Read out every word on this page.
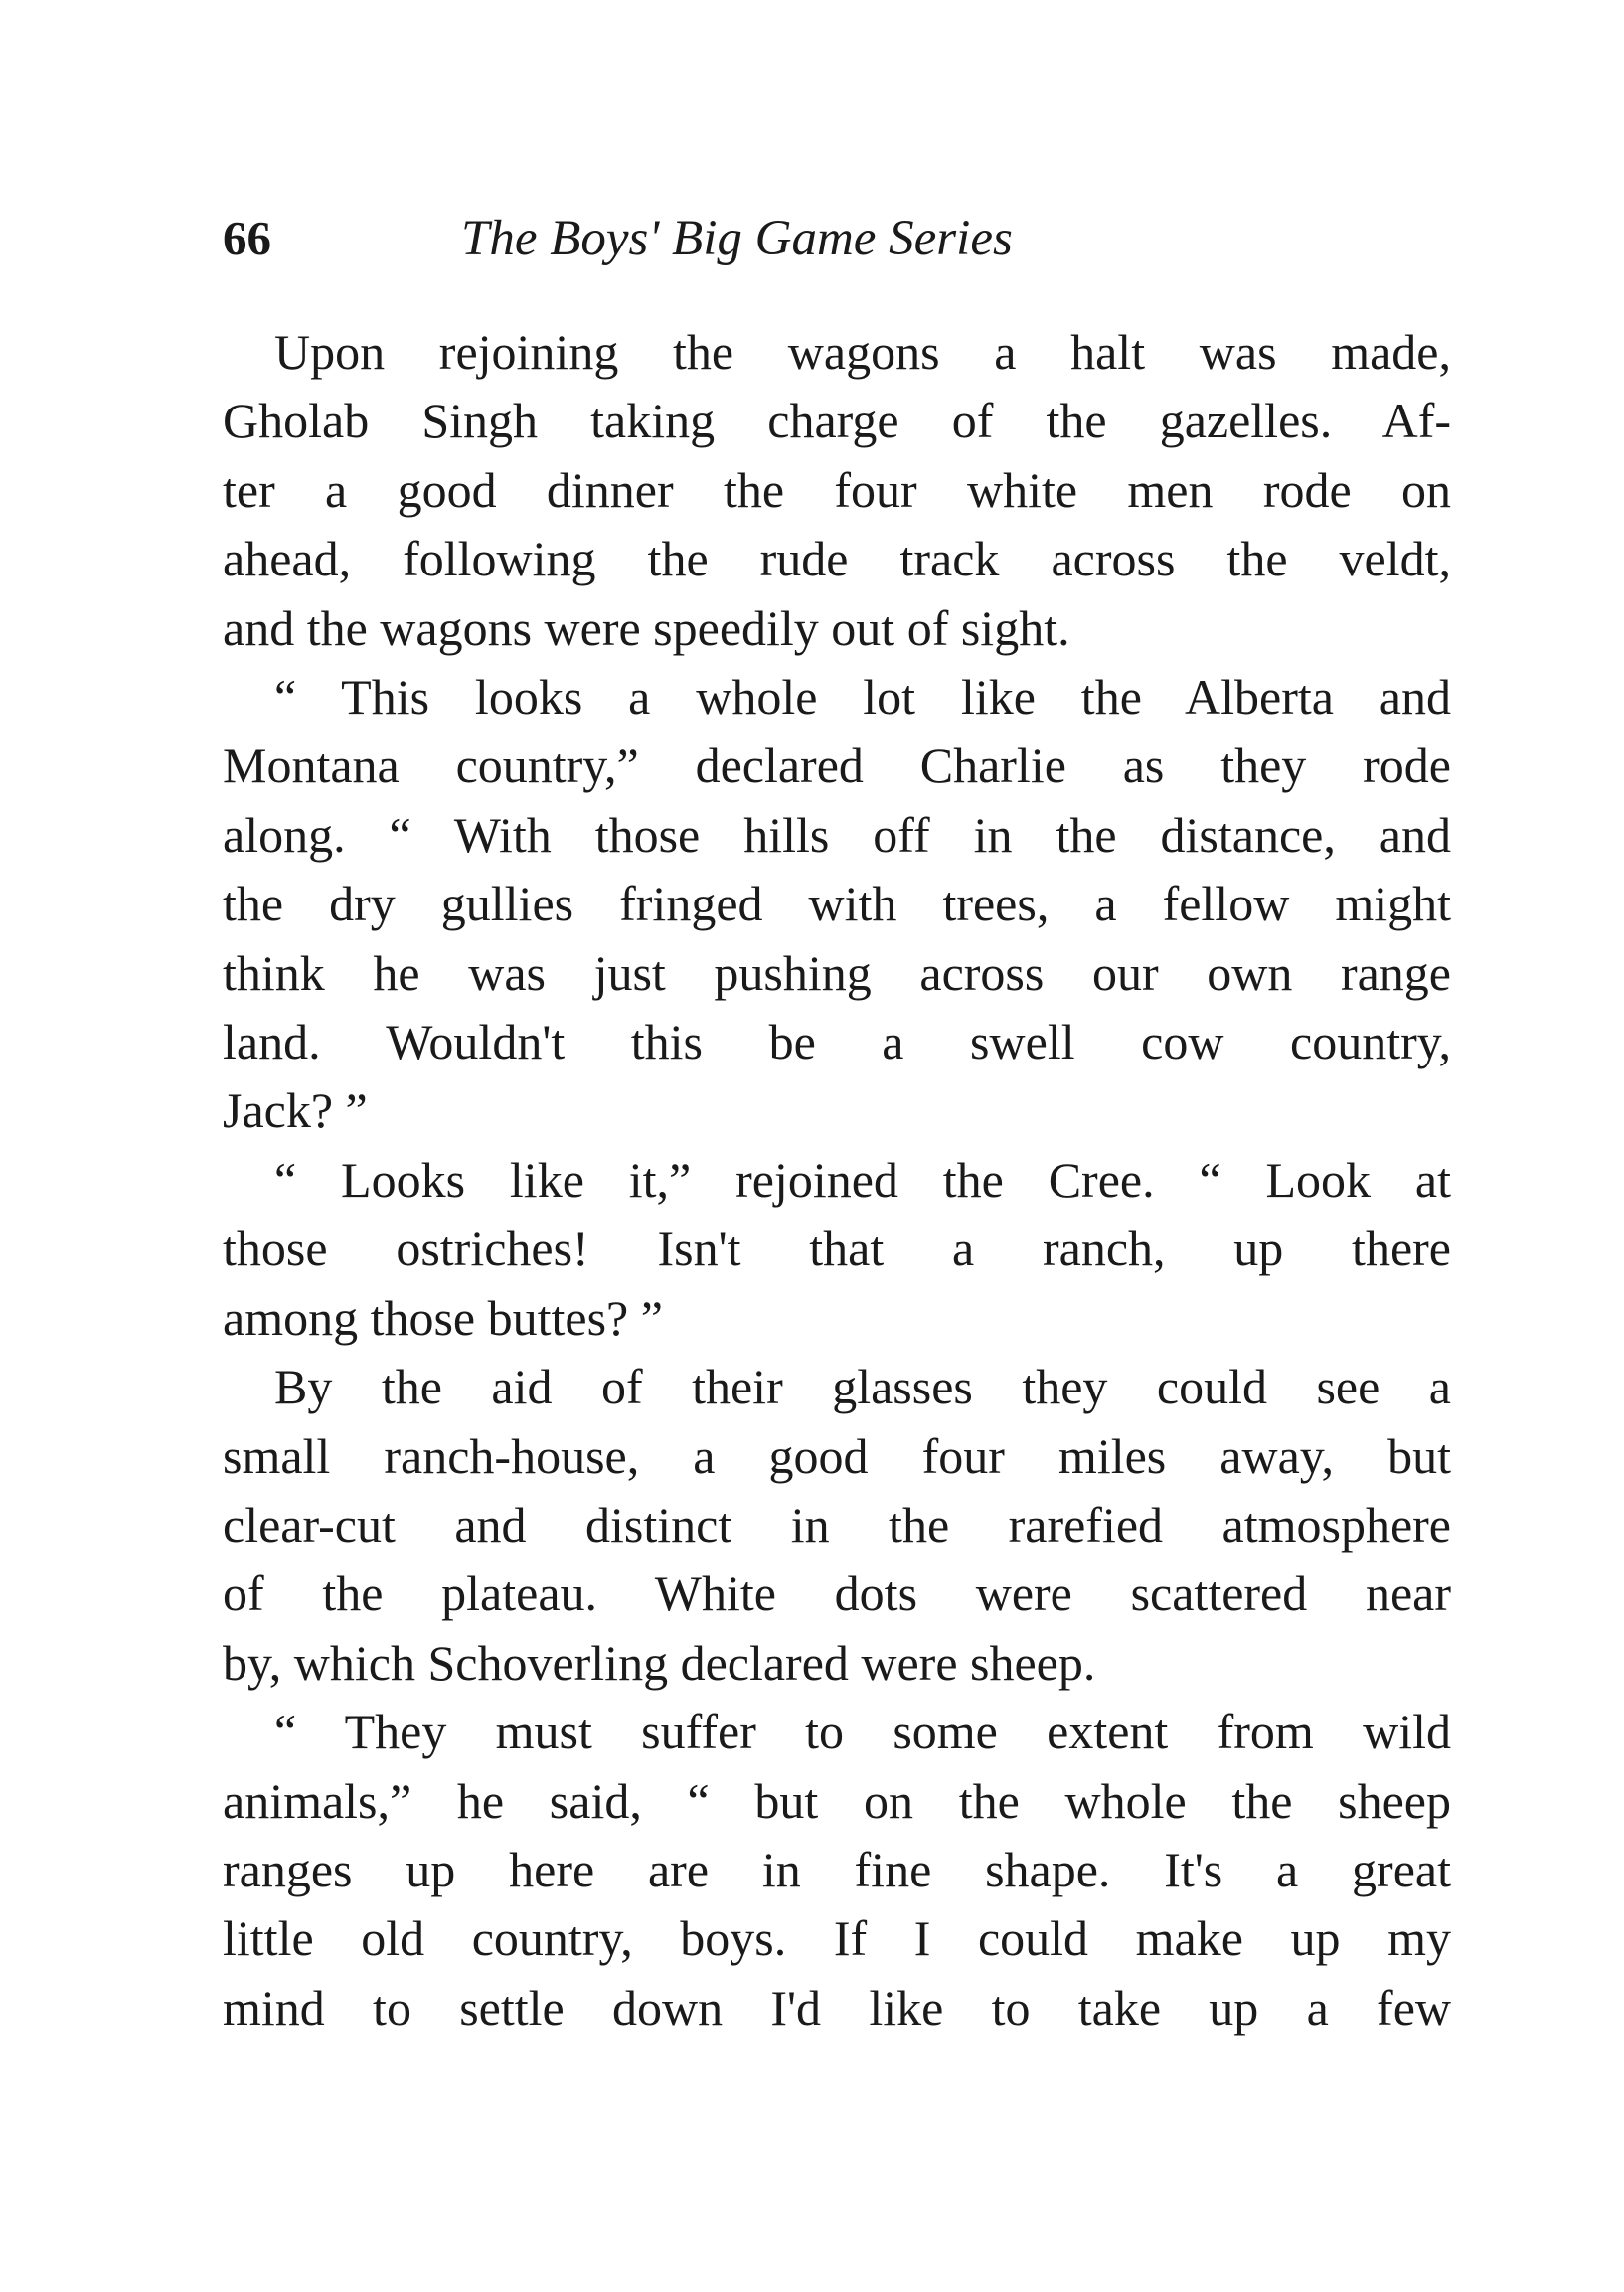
66	The Boys' Big Game Series
Upon rejoining the wagons a halt was made,
Gholab Singh taking charge of the gazelles. Af-
ter a good dinner the four white men rode on
ahead, following the rude track across the veldt,
and the wagons were speedily out of sight.
“ This looks a whole lot like the Alberta and
Montana country,” declared Charlie as they rode
along. “ With those hills off in the distance, and
the dry gullies fringed with trees, a fellow might
think he was just pushing across our own range
land. Wouldn't this be a swell cow country,
Jack? ”
“ Looks like it,” rejoined the Cree. “ Look at
those ostriches! Isn't that a ranch, up there
among those buttes? ”
By the aid of their glasses they could see a
small ranch-house, a good four miles away, but
clear-cut and distinct in the rarefied atmosphere
of the plateau. White dots were scattered near
by, which Schoverling declared were sheep.
“ They must suffer to some extent from wild
animals,” he said, “ but on the whole the sheep
ranges up here are in fine shape. It's a great
little old country, boys. If I could make up my
mind to settle down I'd like to take up a few
